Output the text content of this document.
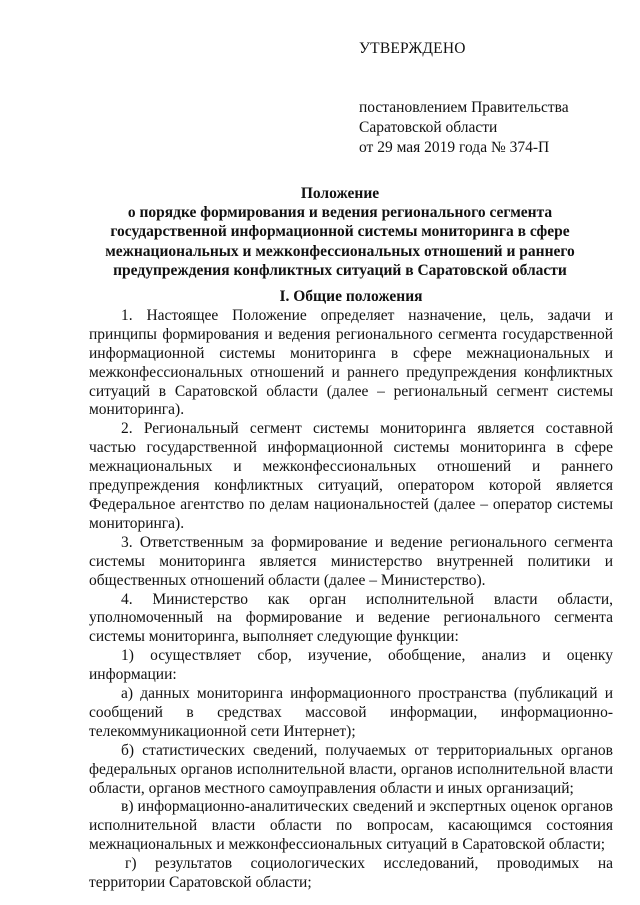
УТВЕРЖДЕНО
постановлением Правительства
Саратовской области
от 29 мая 2019 года № 374-П
Положение
о порядке формирования и ведения регионального сегмента
государственной информационной системы мониторинга в сфере
межнациональных и межконфессиональных отношений и раннего
предупреждения конфликтных ситуаций в Саратовской области
I. Общие положения

1. Настоящее Положение определяет назначение, цель, задачи и принципы формирования и ведения регионального сегмента государственной информационной системы мониторинга в сфере межнациональных и межконфессиональных отношений и раннего предупреждения конфликтных ситуаций в Саратовской области (далее – региональный сегмент системы мониторинга).

2. Региональный сегмент системы мониторинга является составной частью государственной информационной системы мониторинга в сфере межнациональных и межконфессиональных отношений и раннего предупреждения конфликтных ситуаций, оператором которой является Федеральное агентство по делам национальностей (далее – оператор системы мониторинга).

3. Ответственным за формирование и ведение регионального сегмента системы мониторинга является министерство внутренней политики и общественных отношений области (далее – Министерство).

4. Министерство как орган исполнительной власти области, уполномоченный на формирование и ведение регионального сегмента системы мониторинга, выполняет следующие функции:

1) осуществляет сбор, изучение, обобщение, анализ и оценку информации:

а) данных мониторинга информационного пространства (публикаций и сообщений в средствах массовой информации, информационно-телекоммуникационной сети Интернет);

б) статистических сведений, получаемых от территориальных органов федеральных органов исполнительной власти, органов исполнительной власти области, органов местного самоуправления области и иных организаций;

в) информационно-аналитических сведений и экспертных оценок органов исполнительной власти области по вопросам, касающимся состояния межнациональных и межконфессиональных ситуаций в Саратовской области;

г) результатов социологических исследований, проводимых на территории Саратовской области;
